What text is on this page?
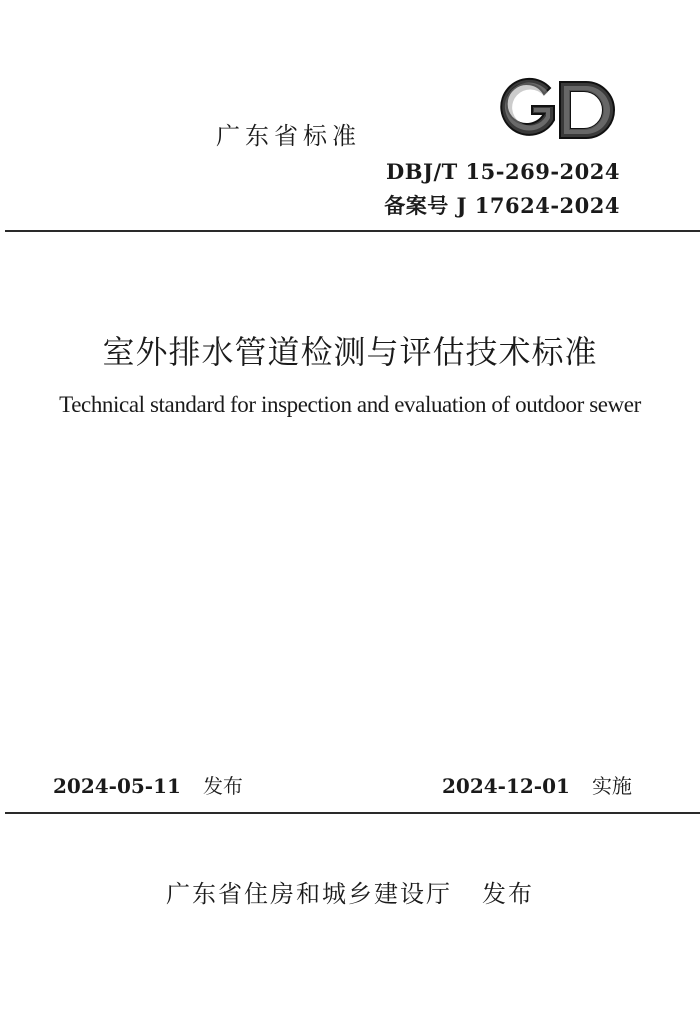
广东省标准
DBJ/T 15-269-2024
备案号 J 17624-2024
室外排水管道检测与评估技术标准
Technical standard for inspection and evaluation of outdoor sewer
2024-05-11 发布	2024-12-01 实施
广东省住房和城乡建设厅 发布
